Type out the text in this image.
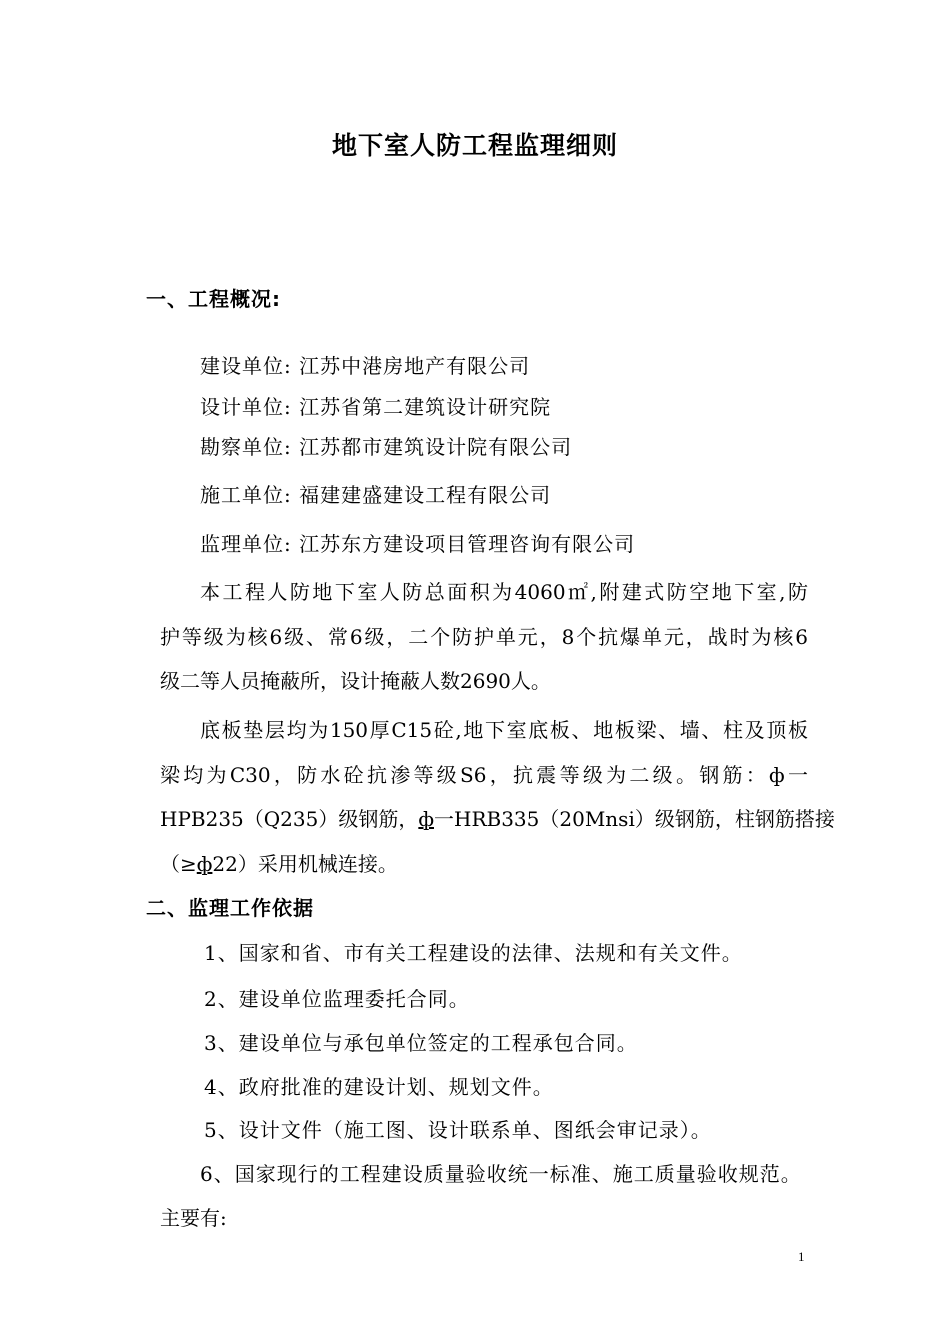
地下室人防工程监理细则
一、工程概况:

建设单位: 江苏中港房地产有限公司

设计单位: 江苏省第二建筑设计研究院

勘察单位: 江苏都市建筑设计院有限公司

施工单位: 福建建盛建设工程有限公司

监理单位: 江苏东方建设项目管理咨询有限公司

本工程人防地下室人防总面积为4060㎡,附建式防空地下室,防

护等级为核6级、常6级，二个防护单元，8个抗爆单元，战时为核6

级二等人员掩蔽所，设计掩蔽人数2690人。

底板垫层均为150厚C15砼,地下室底板、地板梁、墙、柱及顶板

梁均为C30，防水砼抗渗等级S6，抗震等级为二级。钢筋：ф一

HPB235（Q235）级钢筋，ф一HRB335（20Mnsi）级钢筋，柱钢筋搭接

（≥ф22）采用机械连接。

二、监理工作依据

1、国家和省、市有关工程建设的法律、法规和有关文件。

2、建设单位监理委托合同。

3、建设单位与承包单位签定的工程承包合同。

4、政府批准的建设计划、规划文件。

5、设计文件（施工图、设计联系单、图纸会审记录）。

6、国家现行的工程建设质量验收统一标准、施工质量验收规范。

主要有:

1
